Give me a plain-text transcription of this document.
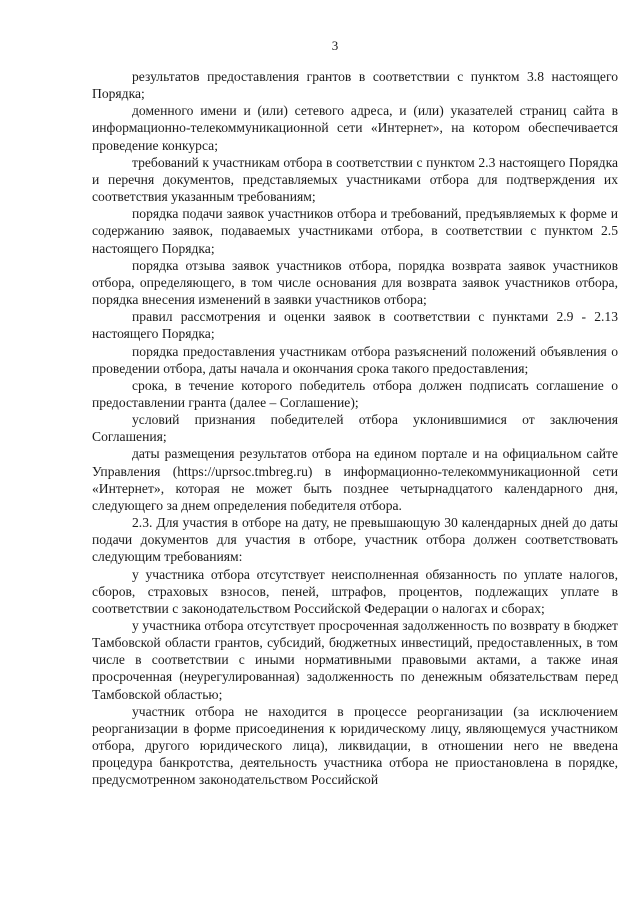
3

результатов предоставления грантов в соответствии с пунктом 3.8 настоящего Порядка;

доменного имени и (или) сетевого адреса, и (или) указателей страниц сайта в информационно-телекоммуникационной сети «Интернет», на котором обеспечивается проведение конкурса;

требований к участникам отбора в соответствии с пунктом 2.3 настоящего Порядка и перечня документов, представляемых участниками отбора для подтверждения их соответствия указанным требованиям;

порядка подачи заявок участников отбора и требований, предъявляемых к форме и содержанию заявок, подаваемых участниками отбора, в соответствии с пунктом 2.5 настоящего Порядка;

порядка отзыва заявок участников отбора, порядка возврата заявок участников отбора, определяющего, в том числе основания для возврата заявок участников отбора, порядка внесения изменений в заявки участников отбора;

правил рассмотрения и оценки заявок в соответствии с пунктами 2.9 - 2.13 настоящего Порядка;

порядка предоставления участникам отбора разъяснений положений объявления о проведении отбора, даты начала и окончания срока такого предоставления;

срока, в течение которого победитель отбора должен подписать соглашение о предоставлении гранта (далее – Соглашение);

условий признания победителей отбора уклонившимися от заключения Соглашения;

даты размещения результатов отбора на едином портале и на официальном сайте Управления (https://uprsoc.tmbreg.ru) в информационно-телекоммуникационной сети «Интернет», которая не может быть позднее четырнадцатого календарного дня, следующего за днем определения победителя отбора.

2.3. Для участия в отборе на дату, не превышающую 30 календарных дней до даты подачи документов для участия в отборе, участник отбора должен соответствовать следующим требованиям:

у участника отбора отсутствует неисполненная обязанность по уплате налогов, сборов, страховых взносов, пеней, штрафов, процентов, подлежащих уплате в соответствии с законодательством Российской Федерации о налогах и сборах;

у участника отбора отсутствует просроченная задолженность по возврату в бюджет Тамбовской области грантов, субсидий, бюджетных инвестиций, предоставленных, в том числе в соответствии с иными нормативными правовыми актами, а также иная просроченная (неурегулированная) задолженность по денежным обязательствам перед Тамбовской областью;

участник отбора не находится в процессе реорганизации (за исключением реорганизации в форме присоединения к юридическому лицу, являющемуся участником отбора, другого юридического лица), ликвидации, в отношении него не введена процедура банкротства, деятельность участника отбора не приостановлена в порядке, предусмотренном законодательством Российской
